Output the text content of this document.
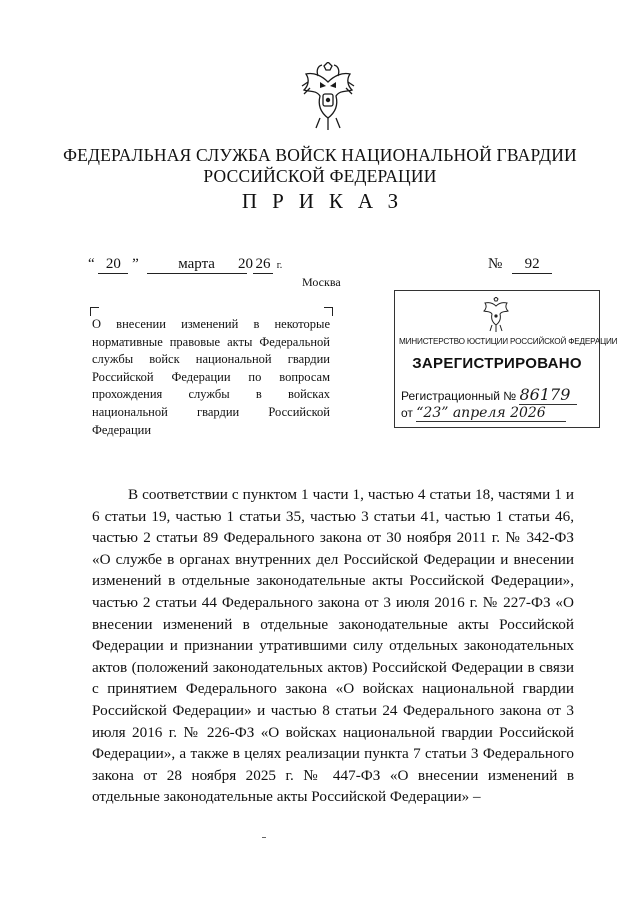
ФЕДЕРАЛЬНАЯ СЛУЖБА ВОЙСК НАЦИОНАЛЬНОЙ ГВАРДИИ
РОССИЙСКОЙ ФЕДЕРАЦИИ
ПРИКАЗ
“ 20 ”	марта	20 26 г.	№ 92
Москва
О внесении изменений в некоторые нормативные правовые акты Федеральной службы войск национальной гвардии Российской Федерации по вопросам прохождения службы в войсках национальной гвардии Российской Федерации
МИНИСТЕРСТВО ЮСТИЦИИ РОССИЙСКОЙ ФЕДЕРАЦИИ
ЗАРЕГИСТРИРОВАНО
Регистрационный № 86179
от “23” апреля 2026
В соответствии с пунктом 1 части 1, частью 4 статьи 18, частями 1 и 6 статьи 19, частью 1 статьи 35, частью 3 статьи 41, частью 1 статьи 46, частью 2 статьи 89 Федерального закона от 30 ноября 2011 г. № 342-ФЗ «О службе в органах внутренних дел Российской Федерации и внесении изменений в отдельные законодательные акты Российской Федерации», частью 2 статьи 44 Федерального закона от 3 июля 2016 г. № 227-ФЗ «О внесении изменений в отдельные законодательные акты Российской Федерации и признании утратившими силу отдельных законодательных актов (положений законодательных актов) Российской Федерации в связи с принятием Федерального закона «О войсках национальной гвардии Российской Федерации» и частью 8 статьи 24 Федерального закона от 3 июля 2016 г. № 226-ФЗ «О войсках национальной гвардии Российской Федерации», а также в целях реализации пункта 7 статьи 3 Федерального закона от 28 ноября 2025 г. № 447-ФЗ «О внесении изменений в отдельные законодательные акты Российской Федерации» –
